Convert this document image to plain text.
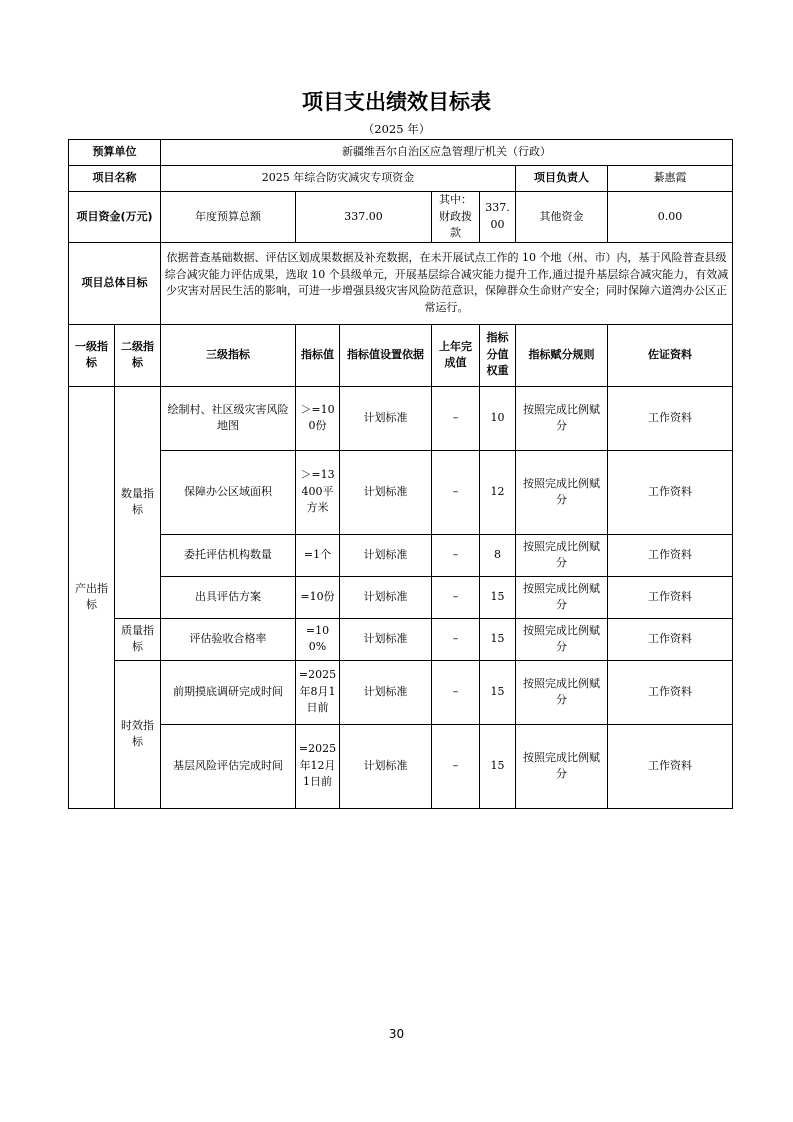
项目支出绩效目标表
（2025 年）
预算单位		新疆维吾尔自治区应急管理厅机关（行政）						
项目名称		2025 年综合防灾减灾专项资金					项目负责人	綦惠霞
项目资金(万元)		年度预算总额	337.00		其中：财政拨款	337.00	其他资金	0.00
项目总体目标		依据普查基础数据、评估区划成果数据及补充数据，在未开展试点工作的 10 个地（州、市）内，基于风险普查县级综合减灾能力评估成果，选取 10 个县级单元，开展基层综合减灾能力提升工作,通过提升基层综合减灾能力，有效减少灾害对居民生活的影响，可进一步增强县级灾害风险防范意识，保障群众生命财产安全；同时保障六道湾办公区正常运行。						
一级指标	二级指标	三级指标	指标值	指标值设置依据	上年完成值	指标分值权重	指标赋分规则	佐证资料
产出指标	数量指标	绘制村、社区级灾害风险地图	＞=100份	计划标准	–	10	按照完成比例赋分	工作资料
		保障办公区域面积	＞=13400平方米	计划标准	–	12	按照完成比例赋分	工作资料
		委托评估机构数量	=1个	计划标准	–	8	按照完成比例赋分	工作资料
		出具评估方案	=10份	计划标准	–	15	按照完成比例赋分	工作资料
	质量指标	评估验收合格率	=100%	计划标准	–	15	按照完成比例赋分	工作资料
	时效指标	前期摸底调研完成时间	=2025年8月1日前	计划标准	–	15	按照完成比例赋分	工作资料
		基层风险评估完成时间	=2025年12月1日前	计划标准	–	15	按照完成比例赋分	工作资料
30
